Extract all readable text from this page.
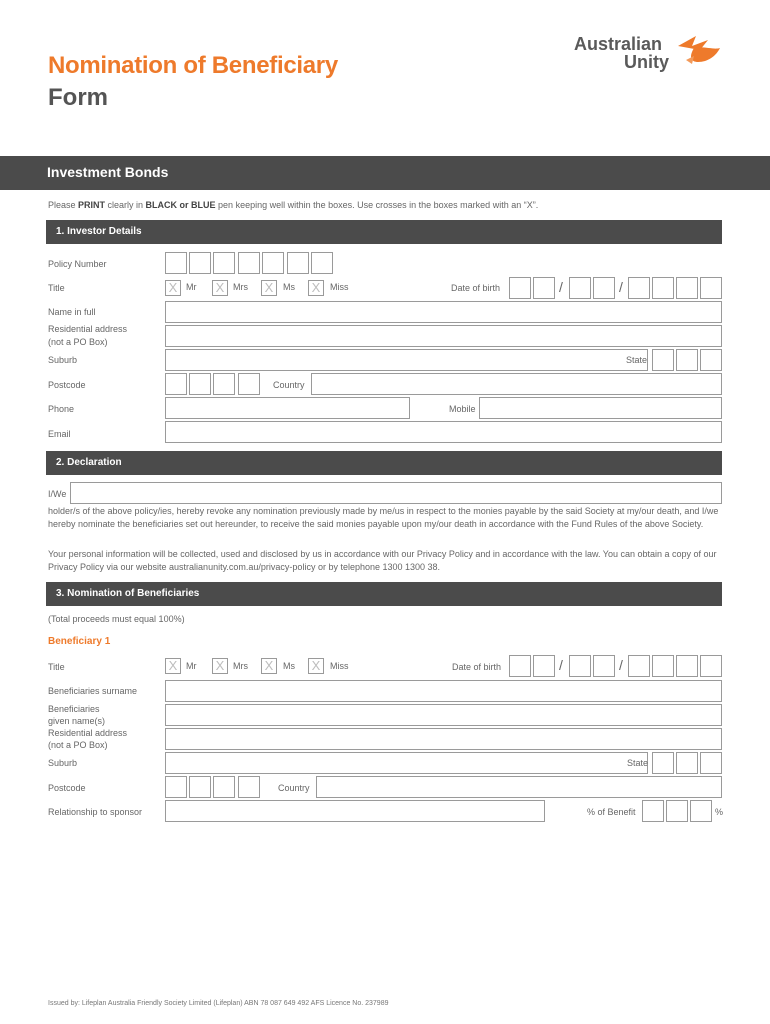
Nomination of Beneficiary
Form
Australian
Unity
Investment Bonds
Please PRINT clearly in BLACK or BLUE pen keeping well within the boxes. Use crosses in the boxes marked with an “X”.
1. Investor Details
Policy Number
Title	X Mr X Mrs X	Ms X	Miss	Date of birth	/	/
Name in full
Residential address
(not a PO Box)
Suburb	State
Postcode	Country
Phone	Mobile
Email
2. Declaration
I/We
holder/s of the above policy/ies, hereby revoke any nomination previously made by me/us in respect to the monies payable by the said Society at my/our death, and I/we hereby nominate the beneficiaries set out hereunder, to receive the said monies payable upon my/our death in accordance with the Fund Rules of the above Society.
Your personal information will be collected, used and disclosed by us in accordance with our Privacy Policy and in accordance with the law. You can obtain a copy of our Privacy Policy via our website australianunity.com.au/privacy-policy or by telephone 1300 1300 38.
3. Nomination of Beneficiaries
(Total proceeds must equal 100%)
Beneficiary 1
Title	X Mr X Mrs X	Ms X	Miss	Date of birth	/	/
Beneficiaries surname
Beneficiaries
given name(s)
Residential address
(not a PO Box)
Suburb	State
Postcode	Country
Relationship to sponsor	% of Benefit	%
Issued by: Lifeplan Australia Friendly Society Limited (Lifeplan) ABN 78 087 649 492 AFS Licence No. 237989
